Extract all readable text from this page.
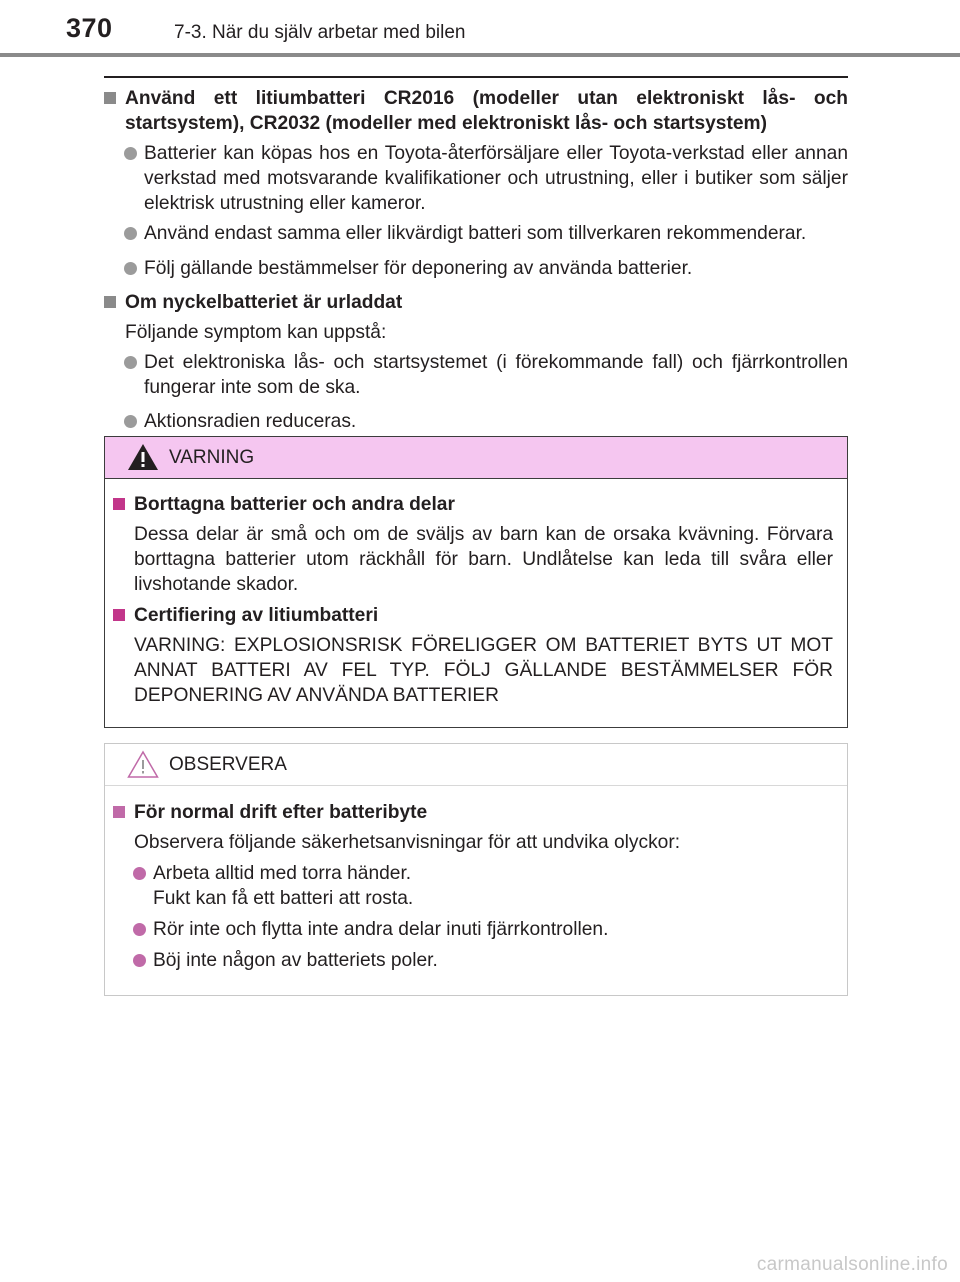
370	7-3. När du själv arbetar med bilen

Använd ett litiumbatteri CR2016 (modeller utan elektroniskt lås- och startsystem), CR2032 (modeller med elektroniskt lås- och startsystem)

Batterier kan köpas hos en Toyota-återförsäljare eller Toyota-verkstad eller annan verkstad med motsvarande kvalifikationer och utrustning, eller i butiker som säljer elektrisk utrustning eller kameror.

Använd endast samma eller likvärdigt batteri som tillverkaren rekommenderar.

Följ gällande bestämmelser för deponering av använda batterier.

Om nyckelbatteriet är urladdat

Följande symptom kan uppstå:

Det elektroniska lås- och startsystemet (i förekommande fall) och fjärrkontrollen fungerar inte som de ska.

Aktionsradien reduceras.

VARNING

Borttagna batterier och andra delar

Dessa delar är små och om de sväljs av barn kan de orsaka kvävning. Förvara borttagna batterier utom räckhåll för barn. Undlåtelse kan leda till svåra eller livshotande skador.

Certifiering av litiumbatteri

VARNING: EXPLOSIONSRISK FÖRELIGGER OM BATTERIET BYTS UT MOT ANNAT BATTERI AV FEL TYP. FÖLJ GÄLLANDE BESTÄMMELSER FÖR DEPONERING AV ANVÄNDA BATTERIER

OBSERVERA

För normal drift efter batteribyte

Observera följande säkerhetsanvisningar för att undvika olyckor:

Arbeta alltid med torra händer.
Fukt kan få ett batteri att rosta.

Rör inte och flytta inte andra delar inuti fjärrkontrollen.

Böj inte någon av batteriets poler.

carmanualsonline.info
